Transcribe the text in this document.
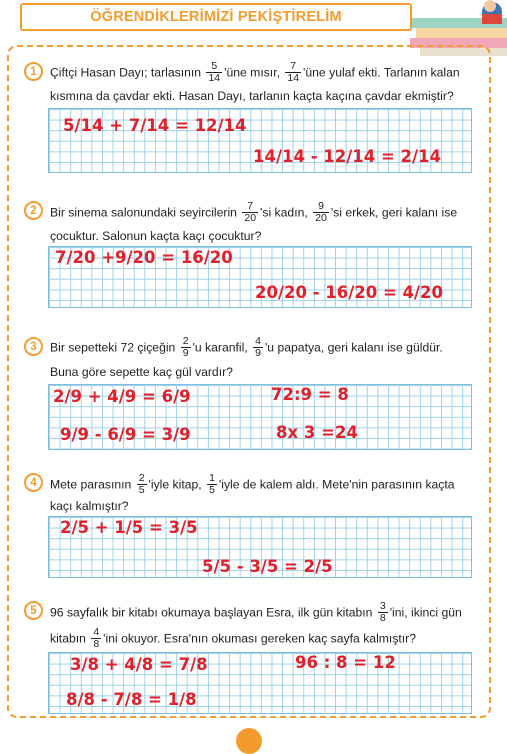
ÖĞRENDİKLERİMİZİ PEKİŞTİRELİM
1	Çiftçi Hasan Dayı; tarlasının $\frac{5}{14}$ 'üne mısır, $\frac{7}{14}$ 'üne yulaf ekti. Tarlanın kalan
kısmına da çavdar ekti. Hasan Dayı, tarlanın kaçta kaçına çavdar ekmiştir?
5/14 + 7/14 = 12/14
14/14 - 12/14 = 2/14
2	Bir sinema salonundaki seyircilerin $\frac{7}{20}$ 'si kadın, $\frac{9}{20}$ 'si erkek, geri kalanı ise
çocuktur. Salonun kaçta kaçı çocuktur?
7/20 +9/20 = 16/20
20/20 - 16/20 = 4/20
3	Bir sepetteki 72 çiçeğin $\frac{2}{9}$ 'u karanfil, $\frac{4}{9}$ 'u papatya, geri kalanı ise güldür.
Buna göre sepette kaç gül vardır?
2/9 + 4/9 = 6/9	72:9 = 8
9/9 - 6/9 = 3/9	8x 3 =24
4	Mete parasının $\frac{2}{5}$ 'iyle kitap, $\frac{1}{5}$ 'iyle de kalem aldı. Mete'nin parasının kaçta
kaçı kalmıştır?
2/5 + 1/5 = 3/5
5/5 - 3/5 = 2/5
5	96 sayfalık bir kitabı okumaya başlayan Esra, ilk gün kitabın $\frac{3}{8}$ 'ini, ikinci gün
kitabın $\frac{4}{8}$ 'ini okuyor. Esra'nın okuması gereken kaç sayfa kalmıştır?
3/8 + 4/8 = 7/8	96 : 8 = 12
8/8 - 7/8 = 1/8
